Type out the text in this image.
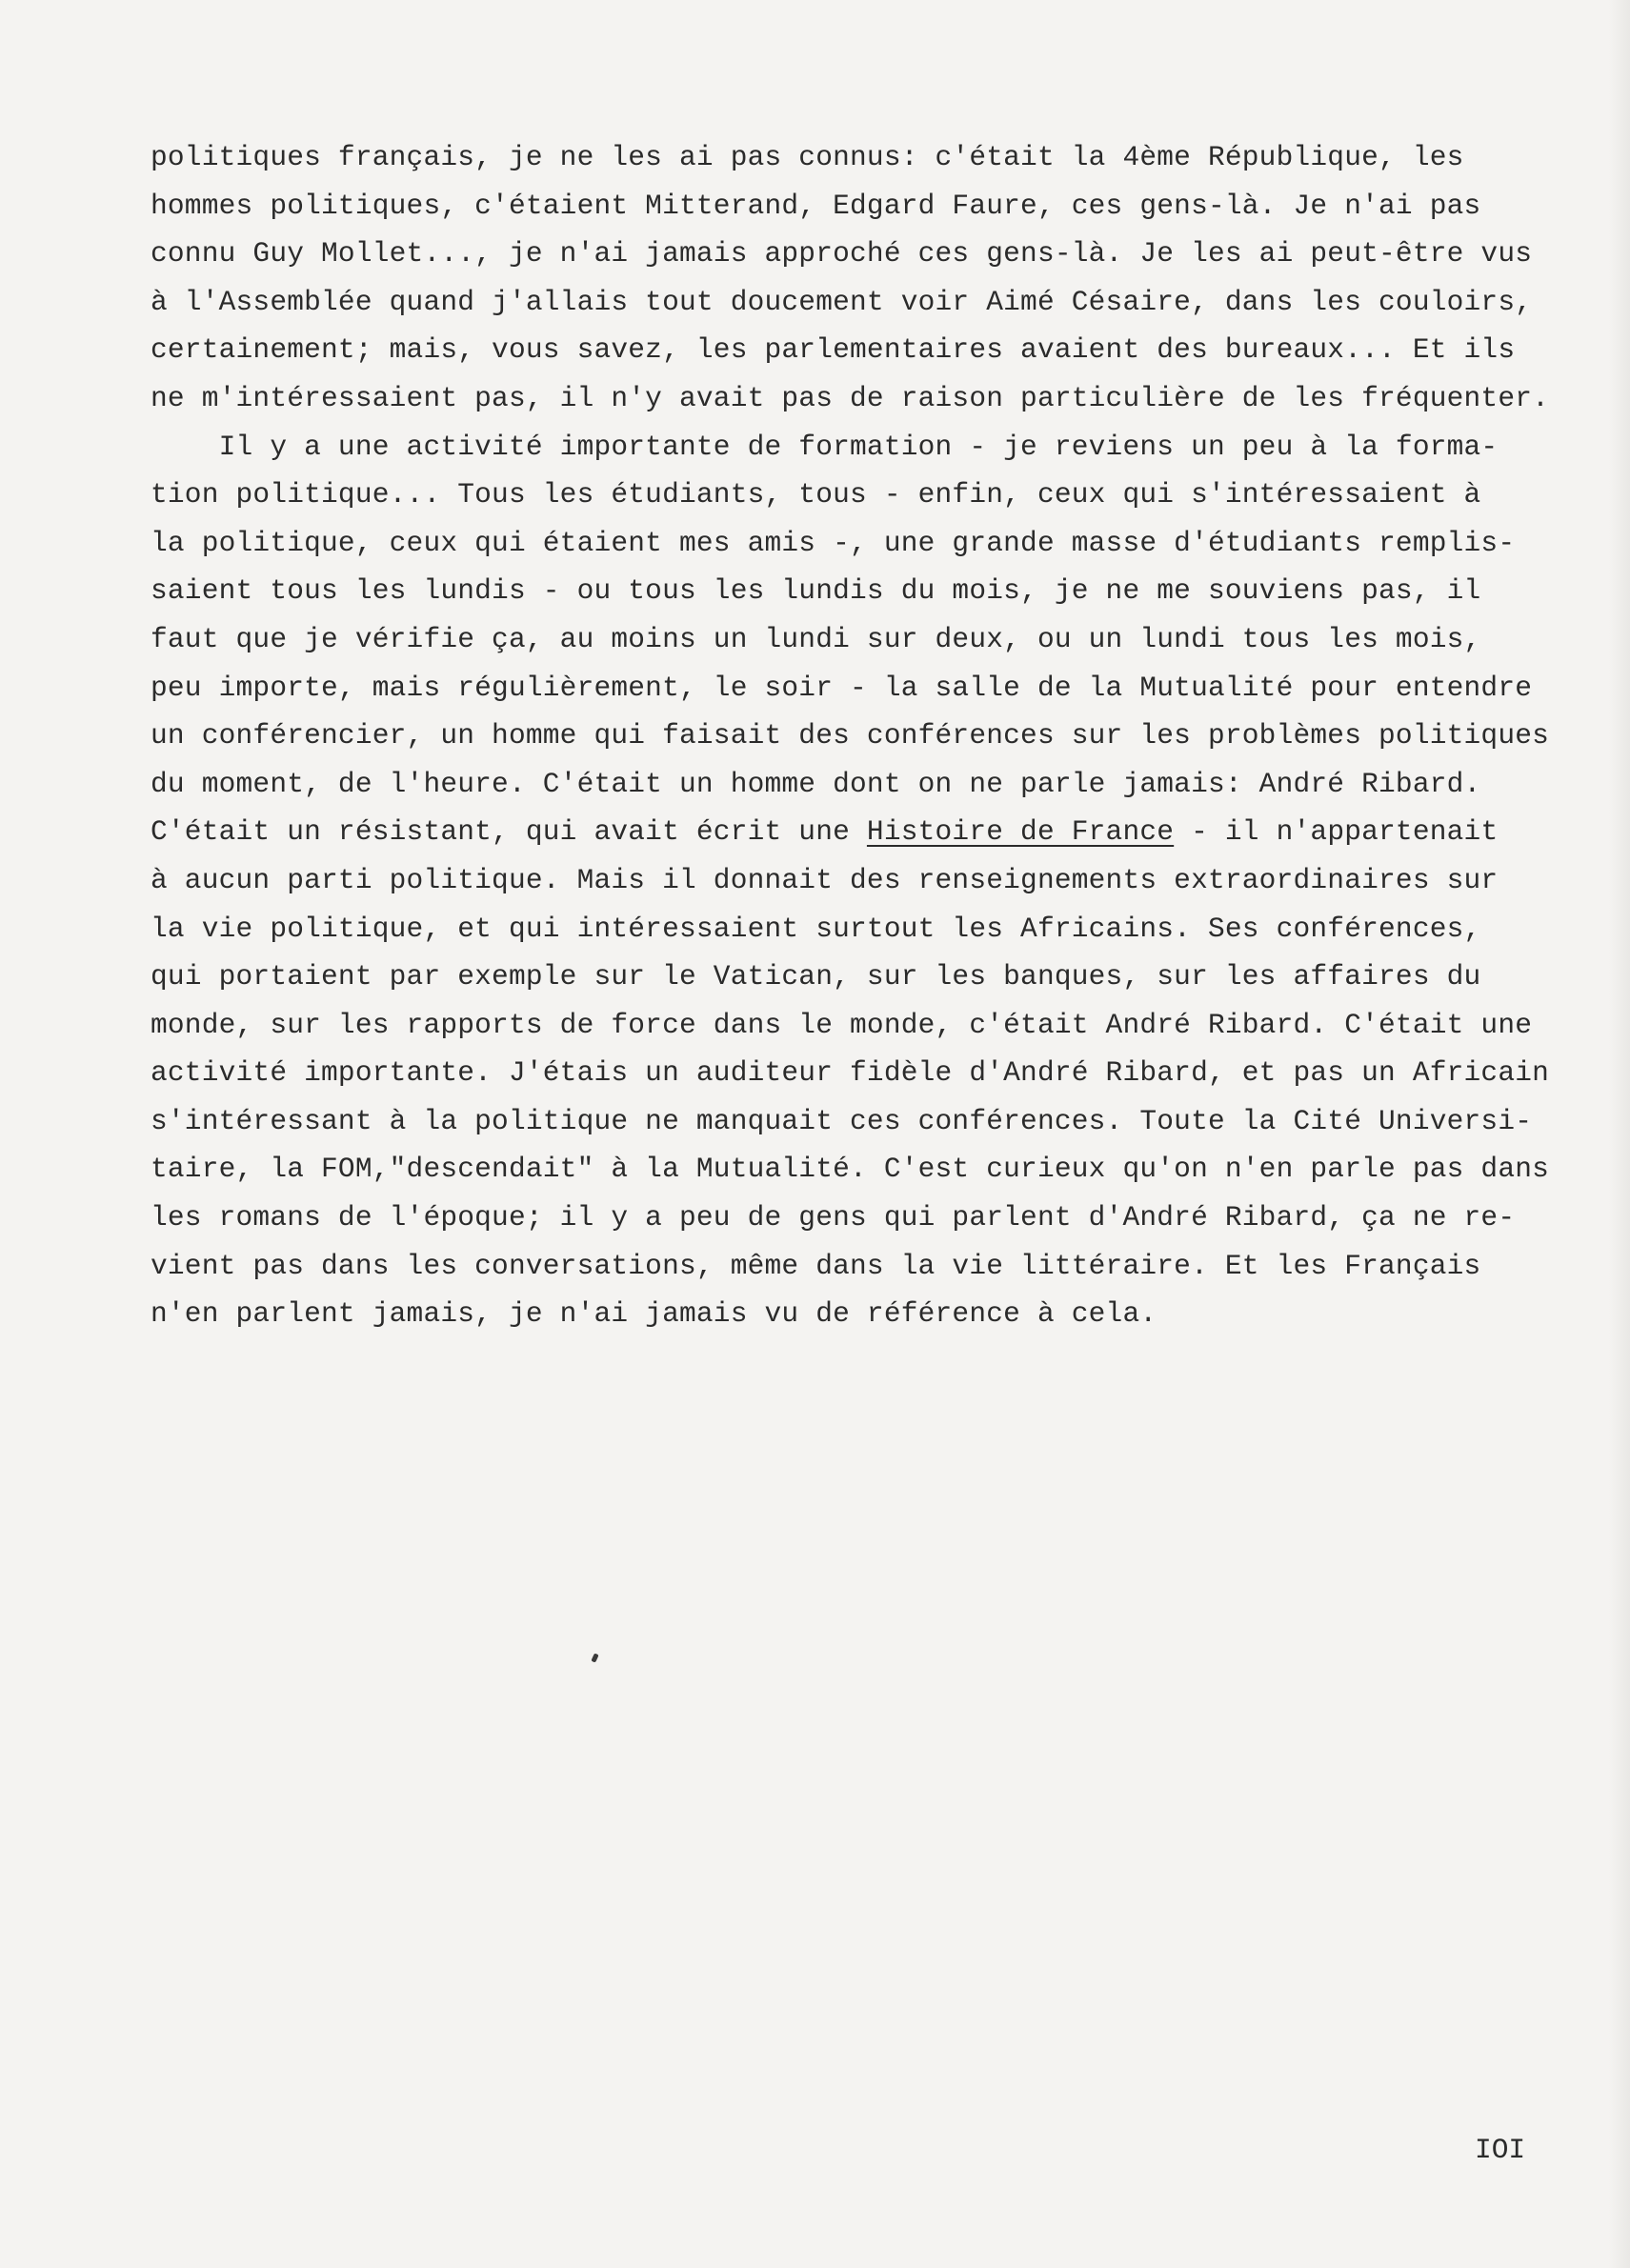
politiques français, je ne les ai pas connus: c'était la 4ème République, les
hommes politiques, c'étaient Mitterand, Edgard Faure, ces gens-là. Je n'ai pas
connu Guy Mollet..., je n'ai jamais approché ces gens-là. Je les ai peut-être vus
à l'Assemblée quand j'allais tout doucement voir Aimé Césaire, dans les couloirs,
certainement; mais, vous savez, les parlementaires avaient des bureaux... Et ils
ne m'intéressaient pas, il n'y avait pas de raison particulière de les fréquenter.
Il y a une activité importante de formation - je reviens un peu à la forma-
tion politique... Tous les étudiants, tous - enfin, ceux qui s'intéressaient à
la politique, ceux qui étaient mes amis -, une grande masse d'étudiants remplis-
saient tous les lundis - ou tous les lundis du mois, je ne me souviens pas, il
faut que je vérifie ça, au moins un lundi sur deux, ou un lundi tous les mois,
peu importe, mais régulièrement, le soir - la salle de la Mutualité pour entendre
un conférencier, un homme qui faisait des conférences sur les problèmes politiques
du moment, de l'heure. C'était un homme dont on ne parle jamais: André Ribard.
C'était un résistant, qui avait écrit une Histoire de France - il n'appartenait
à aucun parti politique. Mais il donnait des renseignements extraordinaires sur
la vie politique, et qui intéressaient surtout les Africains. Ses conférences,
qui portaient par exemple sur le Vatican, sur les banques, sur les affaires du
monde, sur les rapports de force dans le monde, c'était André Ribard. C'était une
activité importante. J'étais un auditeur fidèle d'André Ribard, et pas un Africain
s'intéressant à la politique ne manquait ces conférences. Toute la Cité Universi-
taire, la FOM,"descendait" à la Mutualité. C'est curieux qu'on n'en parle pas dans
les romans de l'époque; il y a peu de gens qui parlent d'André Ribard, ça ne re-
vient pas dans les conversations, même dans la vie littéraire. Et les Français
n'en parlent jamais, je n'ai jamais vu de référence à cela.
IOI
